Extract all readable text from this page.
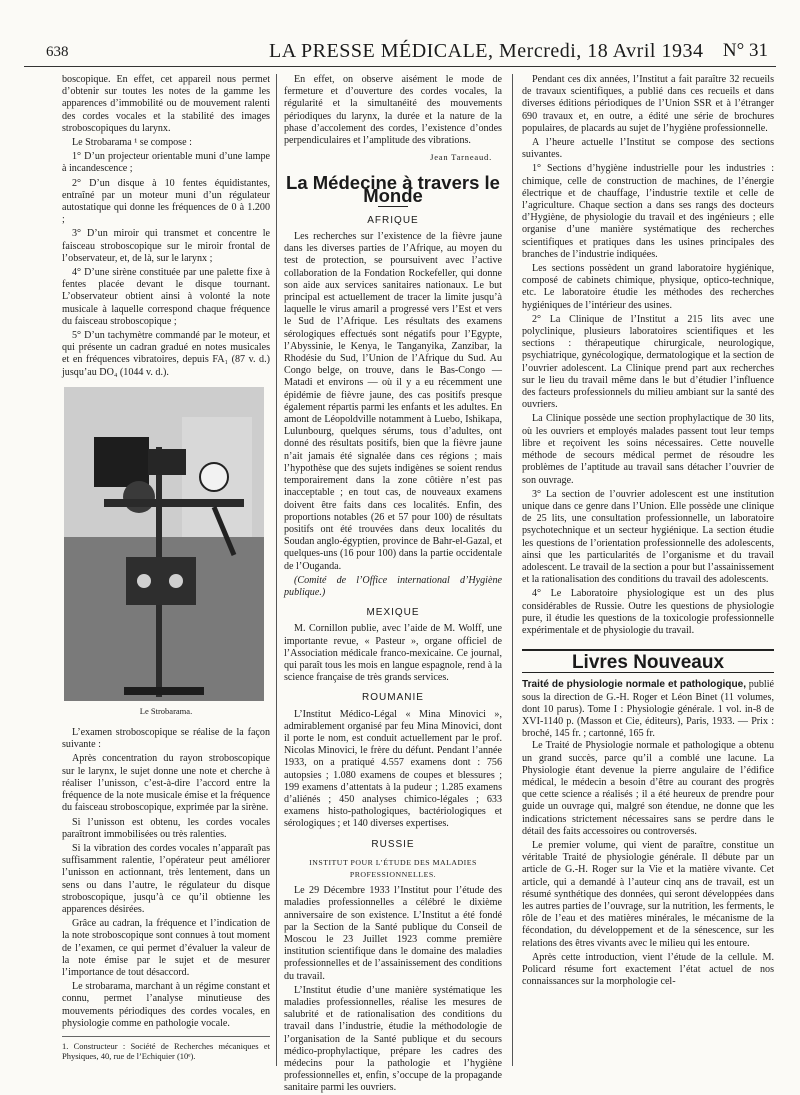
638	LA PRESSE MÉDICALE, Mercredi, 18 Avril 1934 N° 31

boscopique. En effet, cet appareil nous permet d’obtenir sur toutes les notes de la gamme les apparences d’immobilité ou de mouvement ralenti des cordes vocales et la stabilité des images stroboscopiques du larynx.

Le Strobarama ¹ se compose :

1° D’un projecteur orientable muni d’une lampe à incandescence ;

2° D’un disque à 10 fentes équidistantes, entraîné par un moteur muni d’un régulateur autostatique qui donne les fréquences de 0 à 1.200 ;

3° D’un miroir qui transmet et concentre le faisceau stroboscopique sur le miroir frontal de l’observateur, et, de là, sur le larynx ;

4° D’une sirène constituée par une palette fixe à fentes placée devant le disque tournant. L’observateur obtient ainsi à volonté la note musicale à laquelle correspond chaque fréquence du faisceau stroboscopique ;

5° D’un tachymètre commandé par le moteur, et qui présente un cadran gradué en notes musicales et en fréquences vibratoires, depuis FA₁ (87 v. d.) jusqu’au DO₄ (1044 v. d.).

Le Strobarama.

L’examen stroboscopique se réalise de la façon suivante :

Après concentration du rayon stroboscopique sur le larynx, le sujet donne une note et cherche à réaliser l’unisson, c’est-à-dire l’accord entre la fréquence de la note musicale émise et la fréquence du faisceau stroboscopique, exprimée par la sirène.

Si l’unisson est obtenu, les cordes vocales paraîtront immobilisées ou très ralenties.

Si la vibration des cordes vocales n’apparaît pas suffisamment ralentie, l’opérateur peut améliorer l’unisson en actionnant, très lentement, dans un sens ou dans l’autre, le régulateur du disque stroboscopique, jusqu’à ce qu’il obtienne les apparences désirées.

Grâce au cadran, la fréquence et l’indication de la note stroboscopique sont connues à tout moment de l’examen, ce qui permet d’évaluer la valeur de la note émise par le sujet et de mesurer l’importance de tout désaccord.

Le strobarama, marchant à un régime constant et connu, permet l’analyse minutieuse des mouvements périodiques des cordes vocales, en physiologie comme en pathologie vocale.

1. Constructeur : Société de Recherches mécaniques et Physiques, 40, rue de l’Echiquier (10ᵉ).

En effet, on observe aisément le mode de fermeture et d’ouverture des cordes vocales, la régularité et la simultanéité des mouvements périodiques du larynx, la durée et la nature de la phase d’accolement des cordes, l’existence d’ondes perpendiculaires et l’amplitude des vibrations.

Jean Tarneaud.
La Médecine à travers le Monde
AFRIQUE

Les recherches sur l’existence de la fièvre jaune dans les diverses parties de l’Afrique, au moyen du test de protection, se poursuivent avec l’active collaboration de la Fondation Rockefeller, qui donne son aide aux services sanitaires nationaux. Le but principal est actuellement de tracer la limite jusqu’à laquelle le virus amaril a progressé vers l’Est et vers le Sud de l’Afrique. Les résultats des examens sérologiques effectués sont négatifs pour l’Egypte, l’Abyssinie, le Kenya, le Tanganyika, Zanzibar, la Rhodésie du Sud, l’Union de l’Afrique du Sud. Au Congo belge, on trouve, dans le Bas-Congo — Matadi et environs — où il y a eu récemment une épidémie de fièvre jaune, des cas positifs presque également répartis parmi les enfants et les adultes. En amont de Léopoldville notamment à Luebo, Ishikapa, Lulunbourg, quelques sérums, tous d’adultes, ont donné des résultats positifs, bien que la fièvre jaune n’ait jamais été signalée dans ces régions ; mais l’hypothèse que des sujets indigènes se soient rendus temporairement dans la zone côtière n’est pas inacceptable ; en tout cas, de nouveaux examens doivent être faits dans ces localités. Enfin, des proportions notables (26 et 57 pour 100) de résultats positifs ont été trouvées dans deux localités du Soudan anglo-égyptien, province de Bahr-el-Gazal, et quelques-uns (16 pour 100) dans la partie occidentale de l’Ouganda.

(Comité de l’Office international d’Hygiène publique.)

MEXIQUE

M. Cornillon publie, avec l’aide de M. Wolff, une importante revue, « Pasteur », organe officiel de l’Association médicale franco-mexicaine. Ce journal, qui paraît tous les mois en langue espagnole, rend à la science française de très grands services.

ROUMANIE

L’Institut Médico-Légal « Mina Minovici », admirablement organisé par feu Mina Minovici, dont il porte le nom, est conduit actuellement par le prof. Nicolas Minovici, le frère du défunt. Pendant l’année 1933, on a pratiqué 4.557 examens dont : 756 autopsies ; 1.080 examens de coupes et blessures ; 199 examens d’attentats à la pudeur ; 1.285 examens d’aliénés ; 450 analyses chimico-légales ; 633 examens histo-pathologiques, bactériologiques et sérologiques ; et 140 diverses expertises.

RUSSIE
INSTITUT POUR L’ÉTUDE DES MALADIES PROFESSIONNELLES.

Le 29 Décembre 1933 l’Institut pour l’étude des maladies professionnelles a célébré le dixième anniversaire de son existence. L’Institut a été fondé par la Section de la Santé publique du Conseil de Moscou le 23 Juillet 1923 comme première institution scientifique dans le domaine des maladies professionnelles et de l’assainissement des conditions du travail.

L’Institut étudie d’une manière systématique les maladies professionnelles, réalise les mesures de salubrité et de rationalisation des conditions du travail dans l’industrie, étudie la méthodologie de l’organisation de la Santé publique et du secours médico-prophylactique, prépare les cadres des médecins pour la pathologie et l’hygiène professionnelles et, enfin, s’occupe de la propagande sanitaire parmi les ouvriers.

Pendant ces dix années, l’Institut a fait paraître 32 recueils de travaux scientifiques, a publié dans ces recueils et dans diverses éditions périodiques de l’Union SSR et à l’étranger 690 travaux et, en outre, a édité une série de brochures populaires, de placards au sujet de l’hygiène professionnelle.

A l’heure actuelle l’Institut se compose des sections suivantes.

1° Sections d’hygiène industrielle pour les industries : chimique, celle de construction de machines, de l’énergie électrique et de chauffage, l’industrie textile et celle de l’agriculture. Chaque section a dans ses rangs des docteurs d’Hygiène, de physiologie du travail et des ingénieurs ; elle organise d’une manière systématique des recherches scientifiques et pratiques dans les usines principales des branches de l’industrie indiquées.

Les sections possèdent un grand laboratoire hygiénique, composé de cabinets chimique, physique, optico-technique, etc. Le laboratoire étudie les méthodes des recherches hygiéniques de l’intérieur des usines.

2° La Clinique de l’Institut a 215 lits avec une polyclinique, plusieurs laboratoires scientifiques et les sections : thérapeutique chirurgicale, neurologique, psychiatrique, gynécologique, dermatologique et la section de l’ouvrier adolescent. La Clinique prend part aux recherches sur le lieu du travail même dans le but d’étudier l’influence des facteurs professionnels du milieu ambiant sur la santé des ouvriers.

La Clinique possède une section prophylactique de 30 lits, où les ouvriers et employés malades passent tout leur temps libre et reçoivent les soins nécessaires. Cette nouvelle méthode de secours médical permet de résoudre les problèmes de l’aptitude au travail sans détacher l’ouvrier de son ouvrage.

3° La section de l’ouvrier adolescent est une institution unique dans ce genre dans l’Union. Elle possède une clinique de 25 lits, une consultation professionnelle, un laboratoire psychotechnique et un secteur hygiénique. La section étudie les questions de l’orientation professionnelle des adolescents, ainsi que les particularités de l’organisme et du travail adolescent. Le travail de la section a pour but l’assainissement et la rationalisation des conditions du travail des adolescents.

4° Le Laboratoire physiologique est un des plus considérables de Russie. Outre les questions de physiologie pure, il étudie les questions de la toxicologie professionnelle expérimentale et de physiologie du travail.

Livres Nouveaux
Traité de physiologie normale et pathologique, publié sous la direction de G.-H. Roger et Léon Binet (11 volumes, dont 10 parus). Tome I : Physiologie générale. 1 vol. in-8 de XVI-1140 p. (Masson et Cie, éditeurs), Paris, 1933. — Prix : broché, 145 fr. ; cartonné, 165 fr.

Le Traité de Physiologie normale et pathologique a obtenu un grand succès, parce qu’il a comblé une lacune. La Physiologie étant devenue la pierre angulaire de l’édifice médical, le médecin a besoin d’être au courant des progrès que cette science a réalisés ; il a été heureux de prendre pour guide un ouvrage qui, malgré son étendue, ne donne que les indications strictement nécessaires sans se perdre dans le détail des faits accessoires ou controversés.

Le premier volume, qui vient de paraître, constitue un véritable Traité de physiologie générale. Il débute par un article de G.-H. Roger sur la Vie et la matière vivante. Cet article, qui a demandé à l’auteur cinq ans de travail, est un résumé synthétique des données, qui seront développées dans les autres parties de l’ouvrage, sur la nutrition, les ferments, le rôle de l’eau et des matières minérales, le mécanisme de la fécondation, du développement et de la sénescence, sur les relations des êtres vivants avec le milieu qui les entoure.

Après cette introduction, vient l’étude de la cellule. M. Policard résume fort exactement l’état actuel de nos connaissances sur la morphologie cel-
